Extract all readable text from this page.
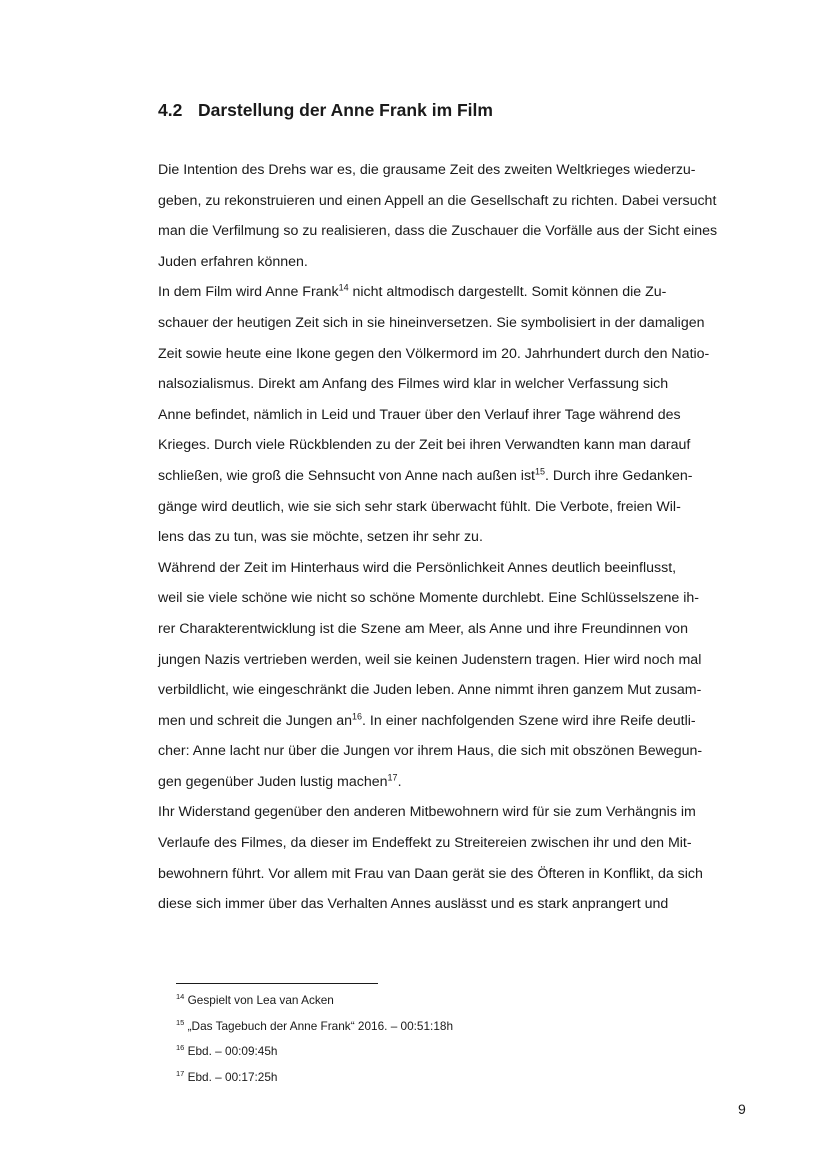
4.2 Darstellung der Anne Frank im Film
Die Intention des Drehs war es, die grausame Zeit des zweiten Weltkrieges wiederzu-
geben, zu rekonstruieren und einen Appell an die Gesellschaft zu richten. Dabei versucht
man die Verfilmung so zu realisieren, dass die Zuschauer die Vorfälle aus der Sicht eines
Juden erfahren können.
In dem Film wird Anne Frank$^{14}$ nicht altmodisch dargestellt. Somit können die Zu-
schauer der heutigen Zeit sich in sie hineinversetzen. Sie symbolisiert in der damaligen
Zeit sowie heute eine Ikone gegen den Völkermord im 20. Jahrhundert durch den Natio-
nalsozialismus. Direkt am Anfang des Filmes wird klar in welcher Verfassung sich
Anne befindet, nämlich in Leid und Trauer über den Verlauf ihrer Tage während des
Krieges. Durch viele Rückblenden zu der Zeit bei ihren Verwandten kann man darauf
schließen, wie groß die Sehnsucht von Anne nach außen ist$^{15}$. Durch ihre Gedanken-
gänge wird deutlich, wie sie sich sehr stark überwacht fühlt. Die Verbote, freien Wil-
lens das zu tun, was sie möchte, setzen ihr sehr zu.
Während der Zeit im Hinterhaus wird die Persönlichkeit Annes deutlich beeinflusst,
weil sie viele schöne wie nicht so schöne Momente durchlebt. Eine Schlüsselszene ih-
rer Charakterentwicklung ist die Szene am Meer, als Anne und ihre Freundinnen von
jungen Nazis vertrieben werden, weil sie keinen Judenstern tragen. Hier wird noch mal
verbildlicht, wie eingeschränkt die Juden leben. Anne nimmt ihren ganzem Mut zusam-
men und schreit die Jungen $an^{16}$. In einer nachfolgenden Szene wird ihre Reife deutli-
cher: Anne lacht nur über die Jungen vor ihrem Haus, die sich mit obszönen Bewegun-
gen gegenüber Juden lustig machen$^{17}$.
Ihr Widerstand gegenüber den anderen Mitbewohnern wird für sie zum Verhängnis im
Verlaufe des Filmes, da dieser im Endeffekt zu Streitereien zwischen ihr und den Mit-
bewohnern führt. Vor allem mit Frau van Daan gerät sie des Öfteren in Konflikt, da sich
diese sich immer über das Verhalten Annes auslässt und es stark anprangert und
$^{14}$ Gespielt von Lea van Acken
$^{15}$ „Das Tagebuch der Anne Frank“ 2016. – 00:51:18h
$^{16}$ Ebd. – 00:09:45h
$^{17}$ Ebd. – 00:17:25h
9
